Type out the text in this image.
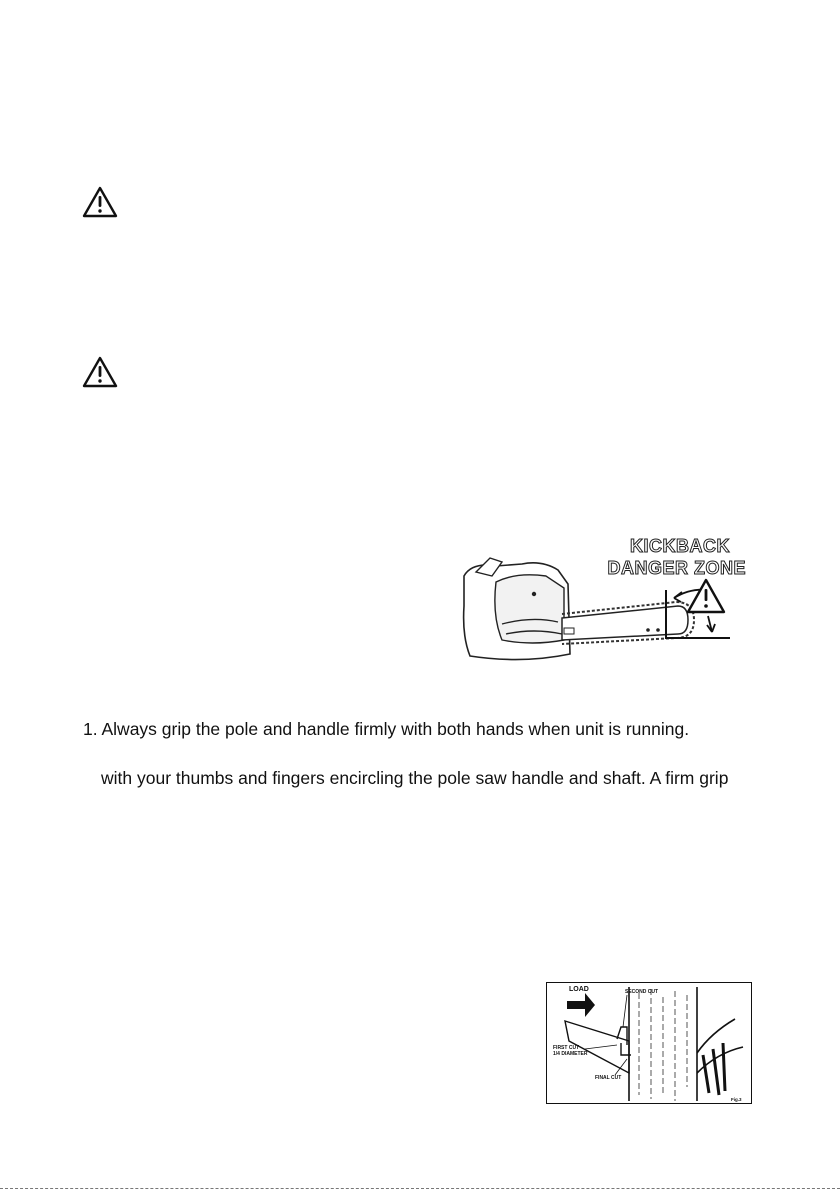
KICKBACK
DANGER ZONE
1. Always grip the pole and handle firmly with both hands when unit is running.
with your thumbs and fingers encircling the pole saw handle and shaft. A firm grip
LOAD	SECOND CUT
FIRST CUT
1/4 DIAMETER
FINAL CUT
Fig.3
